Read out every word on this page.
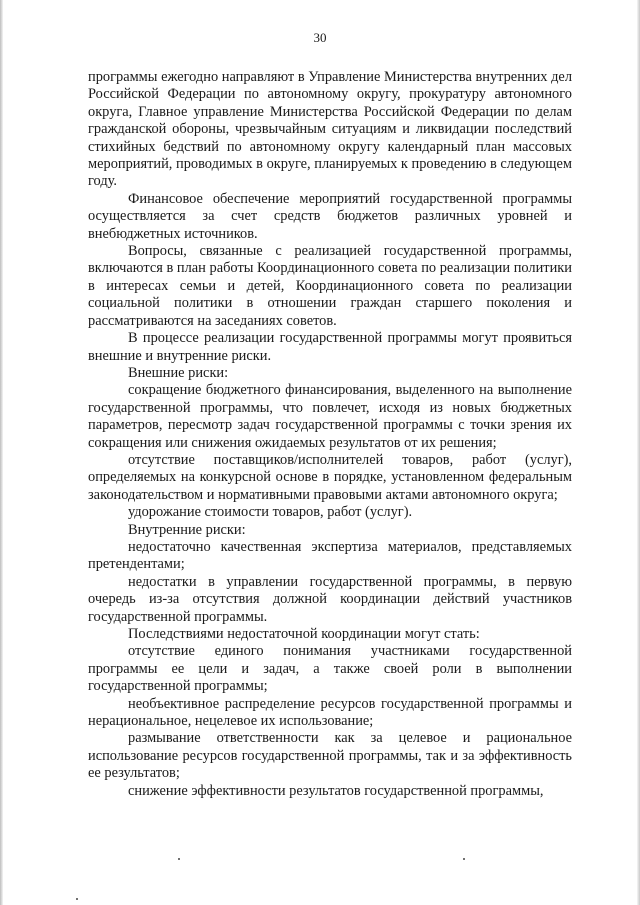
30

программы ежегодно направляют в Управление Министерства внутренних дел Российской Федерации по автономному округу, прокуратуру автономного округа, Главное управление Министерства Российской Федерации по делам гражданской обороны, чрезвычайным ситуациям и ликвидации последствий стихийных бедствий по автономному округу календарный план массовых мероприятий, проводимых в округе, планируемых к проведению в следующем году.

Финансовое обеспечение мероприятий государственной программы осуществляется за счет средств бюджетов различных уровней и внебюджетных источников.

Вопросы, связанные с реализацией государственной программы, включаются в план работы Координационного совета по реализации политики в интересах семьи и детей, Координационного совета по реализации социальной политики в отношении граждан старшего поколения и рассматриваются на заседаниях советов.

В процессе реализации государственной программы могут проявиться внешние и внутренние риски.

Внешние риски:

сокращение бюджетного финансирования, выделенного на выполнение государственной программы, что повлечет, исходя из новых бюджетных параметров, пересмотр задач государственной программы с точки зрения их сокращения или снижения ожидаемых результатов от их решения;

отсутствие поставщиков/исполнителей товаров, работ (услуг), определяемых на конкурсной основе в порядке, установленном федеральным законодательством и нормативными правовыми актами автономного округа;

удорожание стоимости товаров, работ (услуг).

Внутренние риски:

недостаточно качественная экспертиза материалов, представляемых претендентами;

недостатки в управлении государственной программы, в первую очередь из-за отсутствия должной координации действий участников государственной программы.

Последствиями недостаточной координации могут стать:

отсутствие единого понимания участниками государственной программы ее цели и задач, а также своей роли в выполнении государственной программы;

необъективное распределение ресурсов государственной программы и нерациональное, нецелевое их использование;

размывание ответственности как за целевое и рациональное использование ресурсов государственной программы, так и за эффективность ее результатов;

снижение эффективности результатов государственной программы,
